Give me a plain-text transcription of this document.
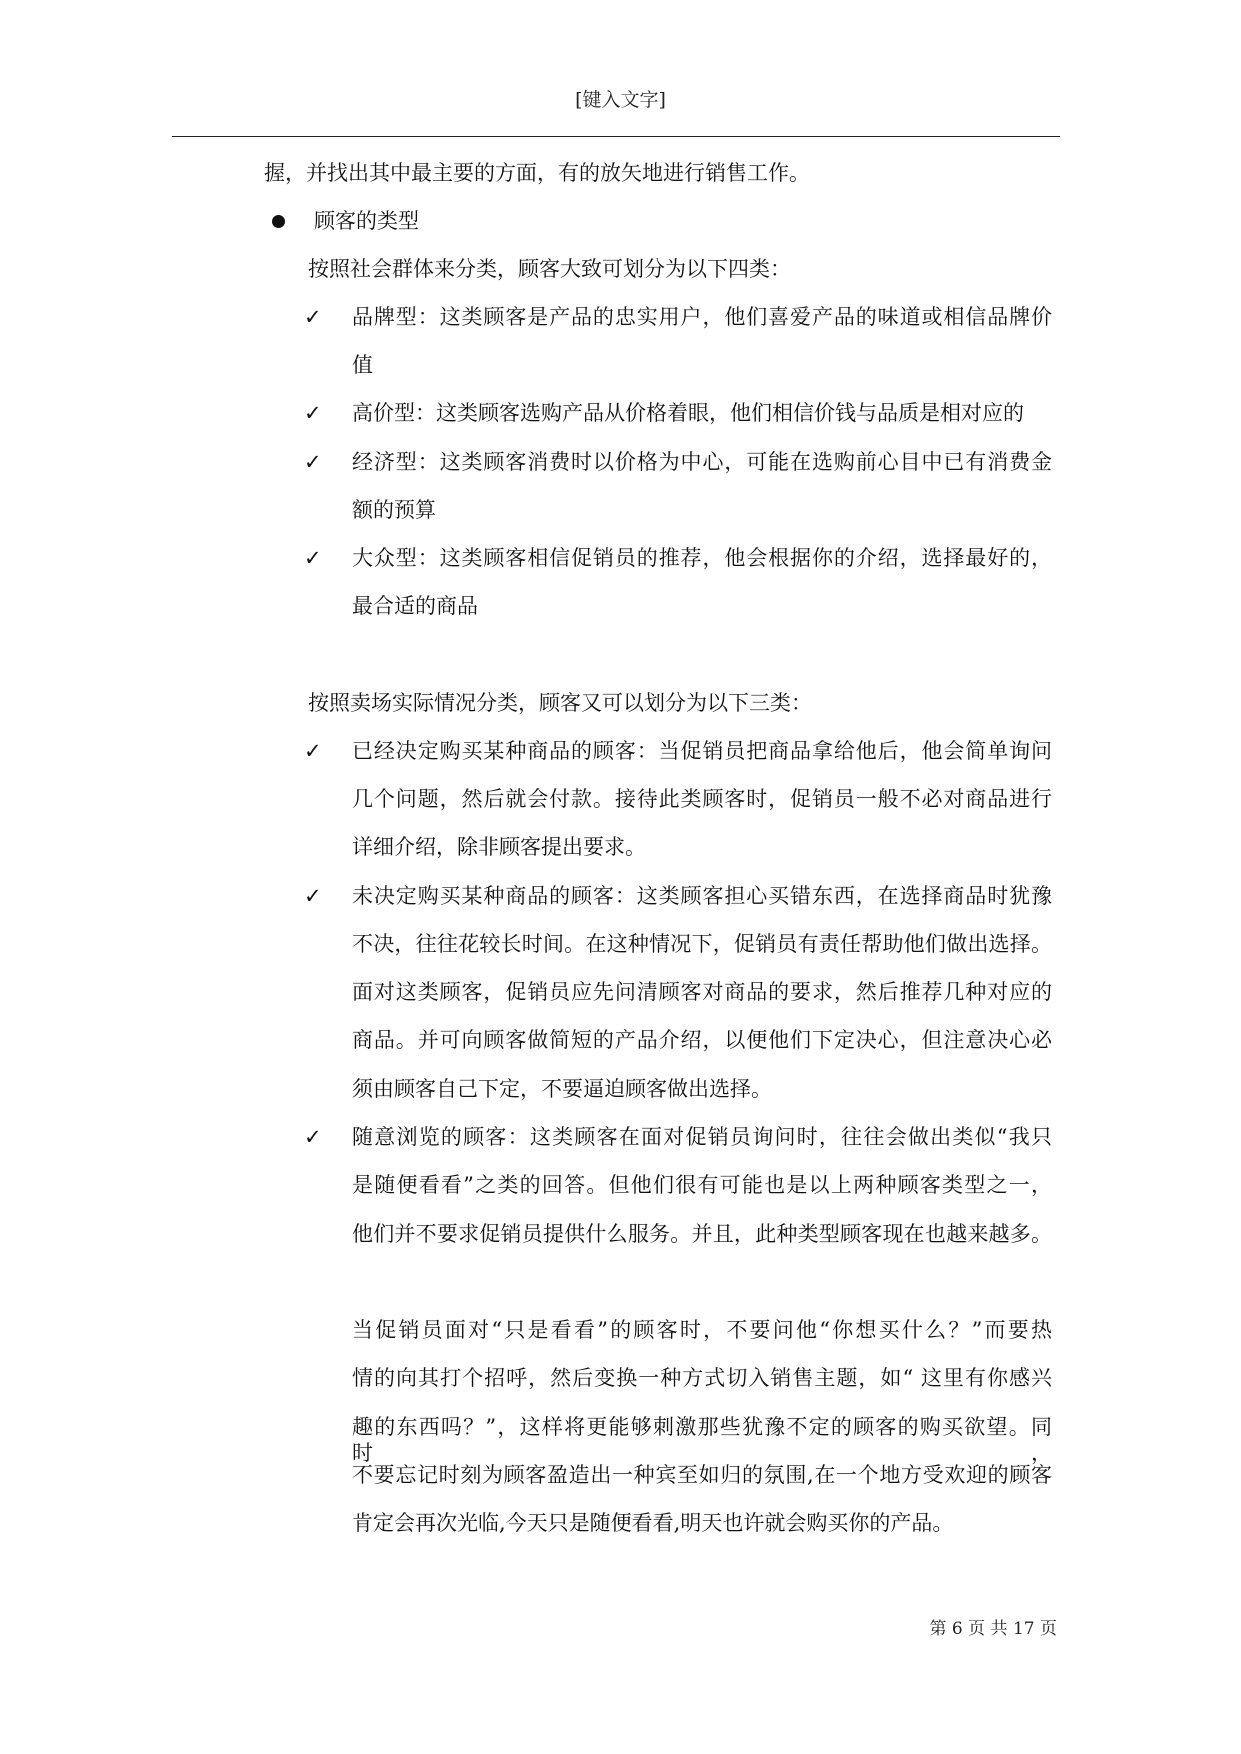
[键入文字]
握，并找出其中最主要的方面，有的放矢地进行销售工作。
顾客的类型
按照社会群体来分类，顾客大致可划分为以下四类：
✓ 品牌型：这类顾客是产品的忠实用户，他们喜爱产品的味道或相信品牌价
值
✓ 高价型：这类顾客选购产品从价格着眼，他们相信价钱与品质是相对应的
✓ 经济型：这类顾客消费时以价格为中心，可能在选购前心目中已有消费金
额的预算
✓ 大众型：这类顾客相信促销员的推荐，他会根据你的介绍，选择最好的，
最合适的商品
按照卖场实际情况分类，顾客又可以划分为以下三类：
✓ 已经决定购买某种商品的顾客：当促销员把商品拿给他后，他会简单询问
几个问题，然后就会付款。接待此类顾客时，促销员一般不必对商品进行
详细介绍，除非顾客提出要求。
✓ 未决定购买某种商品的顾客：这类顾客担心买错东西，在选择商品时犹豫
不决，往往花较长时间。在这种情况下，促销员有责任帮助他们做出选择。
面对这类顾客，促销员应先问清顾客对商品的要求，然后推荐几种对应的
商品。并可向顾客做简短的产品介绍，以便他们下定决心，但注意决心必
须由顾客自己下定，不要逼迫顾客做出选择。
✓ 随意浏览的顾客：这类顾客在面对促销员询问时，往往会做出类似“我只
是随便看看”之类的回答。但他们很有可能也是以上两种顾客类型之一，
他们并不要求促销员提供什么服务。并且，此种类型顾客现在也越来越多。
当促销员面对“只是看看”的顾客时，不要问他“你想买什么？”而要热
情的向其打个招呼，然后变换一种方式切入销售主题，如“ 这里有你感兴
趣的东西吗？”，这样将更能够刺激那些犹豫不定的顾客的购买欲望。同时，
不要忘记时刻为顾客盈造出一种宾至如归的氛围,在一个地方受欢迎的顾客
肯定会再次光临,今天只是随便看看,明天也许就会购买你的产品。
第 6 页 共 17 页
